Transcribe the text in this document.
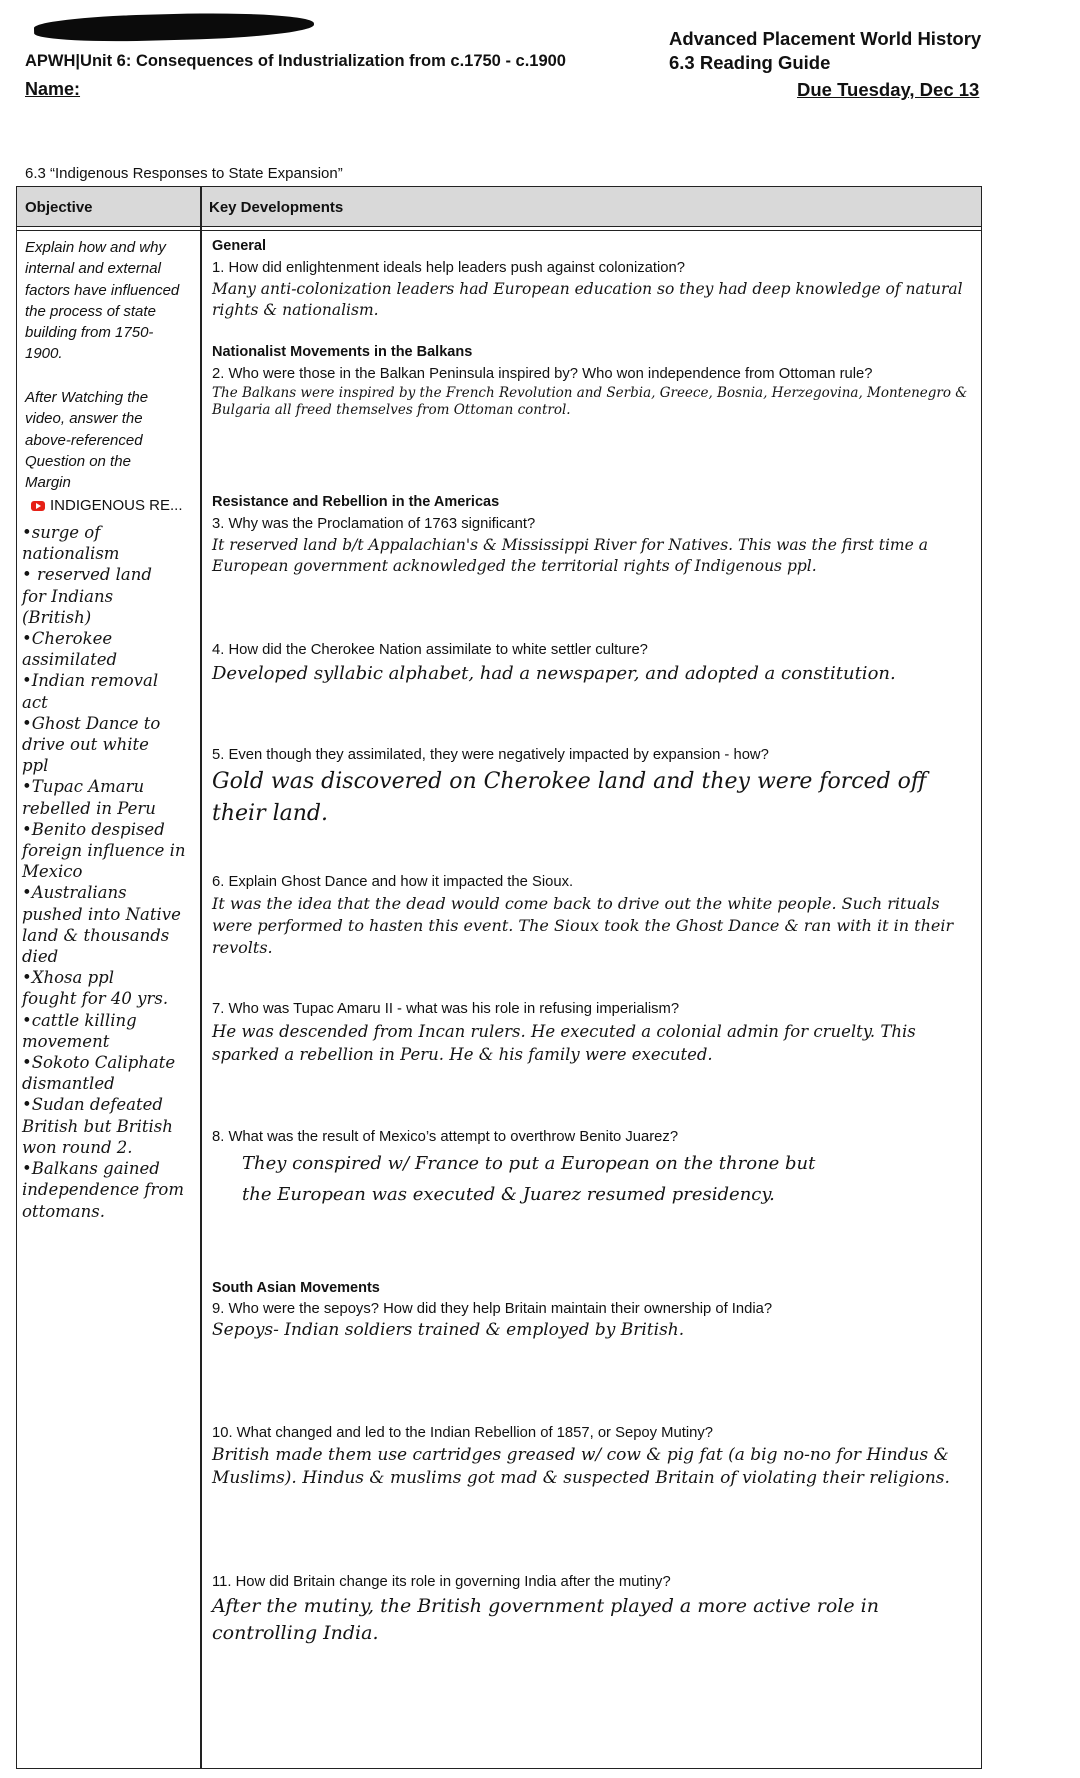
APWH|Unit 6: Consequences of Industrialization from c.1750 - c.1900
Name:
Advanced Placement World History
6.3 Reading Guide
Due Tuesday, Dec 13
6.3 “Indigenous Responses to State Expansion”
Objective	Key Developments
Explain how and why internal and external factors have influenced the process of state building from 1750-1900.
After Watching the video, answer the above-referenced Question on the Margin
INDIGENOUS RE...
•surge of nationalism
• reserved land for Indians (British)
•Cherokee assimilated
•Indian removal act
•Ghost Dance to drive out white ppl
•Tupac Amaru rebelled in Peru
•Benito despised foreign influence in Mexico
•Australians pushed into Native land & thousands died
•Xhosa ppl fought for 40 yrs.
•cattle killing movement
•Sokoto Caliphate dismantled
•Sudan defeated British but British won round 2.
•Balkans gained independence from ottomans.
General
1. How did enlightenment ideals help leaders push against colonization?
Many anti-colonization leaders had European education so they had deep knowledge of natural rights & nationalism.
Nationalist Movements in the Balkans
2. Who were those in the Balkan Peninsula inspired by? Who won independence from Ottoman rule?
The Balkans were inspired by the French Revolution and Serbia, Greece, Bosnia, Herzegovina, Montenegro & Bulgaria all freed themselves from Ottoman control.
Resistance and Rebellion in the Americas
3. Why was the Proclamation of 1763 significant?
It reserved land b/t Appalachian's & Mississippi River for Natives. This was the first time a European government acknowledged the territorial rights of Indigenous ppl.
4. How did the Cherokee Nation assimilate to white settler culture?
Developed syllabic alphabet, had a newspaper, and adopted a constitution.
5. Even though they assimilated, they were negatively impacted by expansion - how?
Gold was discovered on Cherokee land and they were forced off their land.
6. Explain Ghost Dance and how it impacted the Sioux.
It was the idea that the dead would come back to drive out the white people. Such rituals were performed to hasten this event. The Sioux took the Ghost Dance & ran with it in their revolts.
7. Who was Tupac Amaru II - what was his role in refusing imperialism?
He was descended from Incan rulers. He executed a colonial admin for cruelty. This sparked a rebellion in Peru. He & his family were executed.
8. What was the result of Mexico’s attempt to overthrow Benito Juarez?
They conspired w/ France to put a European on the throne but the European was executed & Juarez resumed presidency.
South Asian Movements
9. Who were the sepoys? How did they help Britain maintain their ownership of India?
Sepoys- Indian soldiers trained & employed by British.
10. What changed and led to the Indian Rebellion of 1857, or Sepoy Mutiny?
British made them use cartridges greased w/ cow & pig fat (a big no-no for Hindus & Muslims). Hindus & muslims got mad & suspected Britain of violating their religions.
11. How did Britain change its role in governing India after the mutiny?
After the mutiny, the British government played a more active role in controlling India.
